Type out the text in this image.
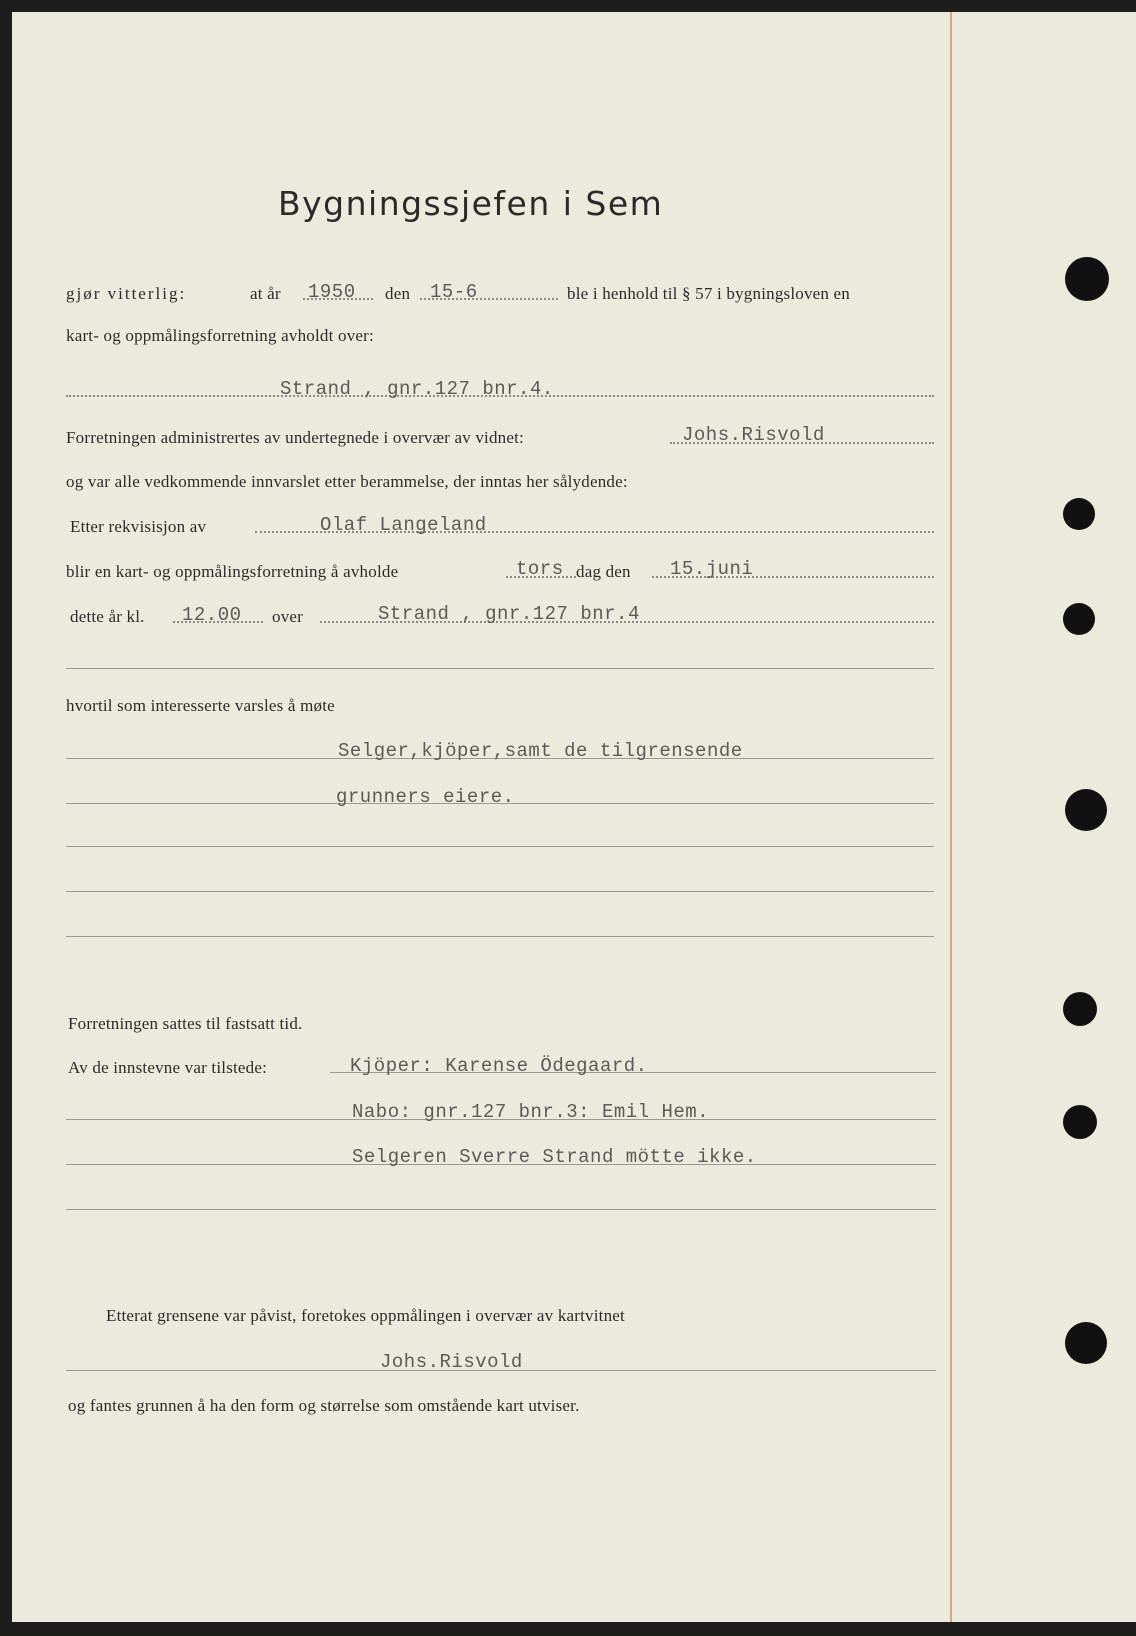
Bygningssjefen i Sem
gjør vitterlig:	at år 1950 den 15-6	ble i henhold til § 57 i bygningsloven en
kart- og oppmålingsforretning avholdt over:
Strand , gnr.127 bnr.4.
Forretningen administrertes av undertegnede i overvær av vidnet:	Johs.Risvold
og var alle vedkommende innvarslet etter berammelse, der inntas her sålydende:
Etter rekvisisjon av	Olaf Langeland
blir en kart- og oppmålingsforretning å avholde	tors dag den 15.juni
dette år kl. 12.00 over	Strand , gnr.127 bnr.4
hvortil som interesserte varsles å møte
Selger,kjöper,samt de tilgrensende
grunners eiere.
Forretningen sattes til fastsatt tid.
Av de innstevne var tilstede:	Kjöper: Karense Ödegaard.
Nabo: gnr.127 bnr.3: Emil Hem.
Selgeren Sverre Strand mötte ikke.
Etterat grensene var påvist, foretokes oppmålingen i overvær av kartvitnet
Johs.Risvold
og fantes grunnen å ha den form og størrelse som omstående kart utviser.
